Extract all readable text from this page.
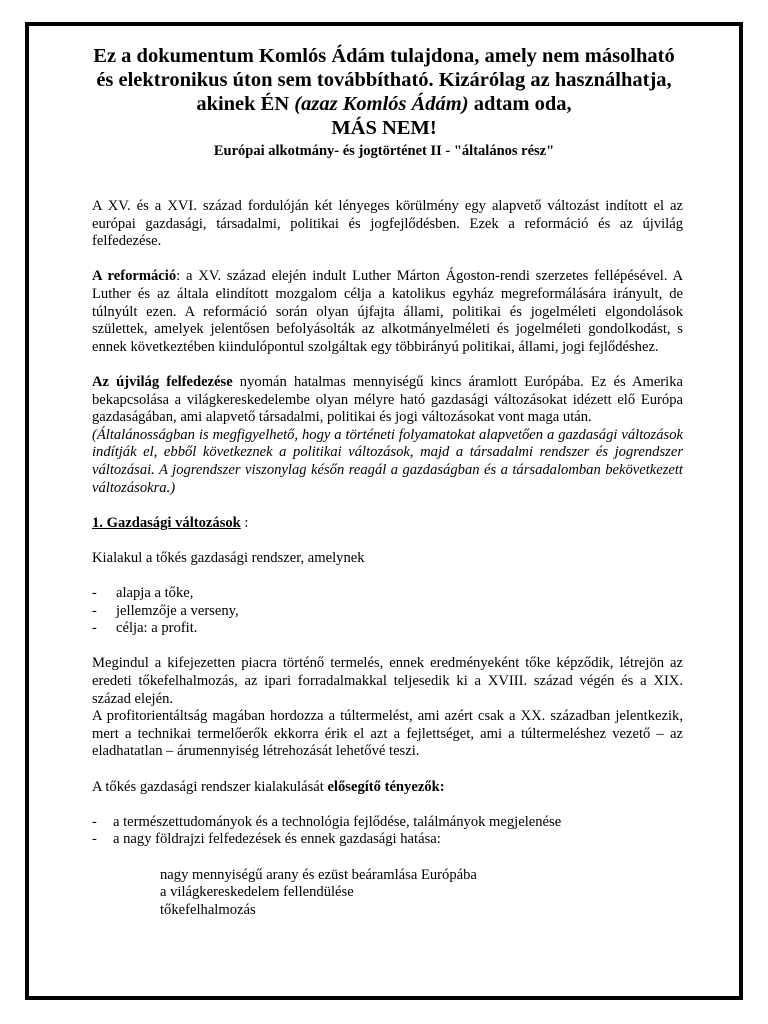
Ez a dokumentum Komlós Ádám tulajdona, amely nem másolható
és elektronikus úton sem továbbítható. Kizárólag az használhatja,
akinek ÉN (azaz Komlós Ádám) adtam oda,
MÁS NEM!
Európai alkotmány- és jogtörténet II - "általános rész"

A XV. és a XVI. század fordulóján két lényeges körülmény egy alapvető változást indított el az európai gazdasági, társadalmi, politikai és jogfejlődésben. Ezek a reformáció és az újvilág felfedezése.

A reformáció: a XV. század elején indult Luther Márton Ágoston-rendi szerzetes fellépésével. A Luther és az általa elindított mozgalom célja a katolikus egyház megreformálására irányult, de túlnyúlt ezen. A reformáció során olyan újfajta állami, politikai és jogelméleti elgondolások születtek, amelyek jelentősen befolyásolták az alkotmányelméleti és jogelméleti gondolkodást, s ennek következtében kiindulópontul szolgáltak egy többirányú politikai, állami, jogi fejlődéshez.

Az újvilág felfedezése nyomán hatalmas mennyiségű kincs áramlott Európába. Ez és Amerika bekapcsolása a világkereskedelembe olyan mélyre ható gazdasági változásokat idézett elő Európa gazdaságában, ami alapvető társadalmi, politikai és jogi változásokat vont maga után.

(Általánosságban is megfigyelhető, hogy a történeti folyamatokat alapvetően a gazdasági változások indítják el, ebből következnek a politikai változások, majd a társadalmi rendszer és jogrendszer változásai. A jogrendszer viszonylag későn reagál a gazdaságban és a társadalomban bekövetkezett változásokra.)

1. Gazdasági változások :

Kialakul a tőkés gazdasági rendszer, amelynek

- alapja a tőke,
- jellemzője a verseny,
- célja: a profit.

Megindul a kifejezetten piacra történő termelés, ennek eredményeként tőke képződik, létrejön az eredeti tőkefelhalmozás, az ipari forradalmakkal teljesedik ki a XVIII. század végén és a XIX. század elején.

A profitorientáltság magában hordozza a túltermelést, ami azért csak a XX. században jelentkezik, mert a technikai termelőerők ekkorra érik el azt a fejlettséget, ami a túltermeléshez vezető – az eladhatatlan – árumennyiség létrehozását lehetővé teszi.

A tőkés gazdasági rendszer kialakulását elősegítő tényezők:

- a természettudományok és a technológia fejlődése, találmányok megjelenése
- a nagy földrajzi felfedezések és ennek gazdasági hatása:
nagy mennyiségű arany és ezüst beáramlása Európába
a világkereskedelem fellendülése
tőkefelhalmozás
